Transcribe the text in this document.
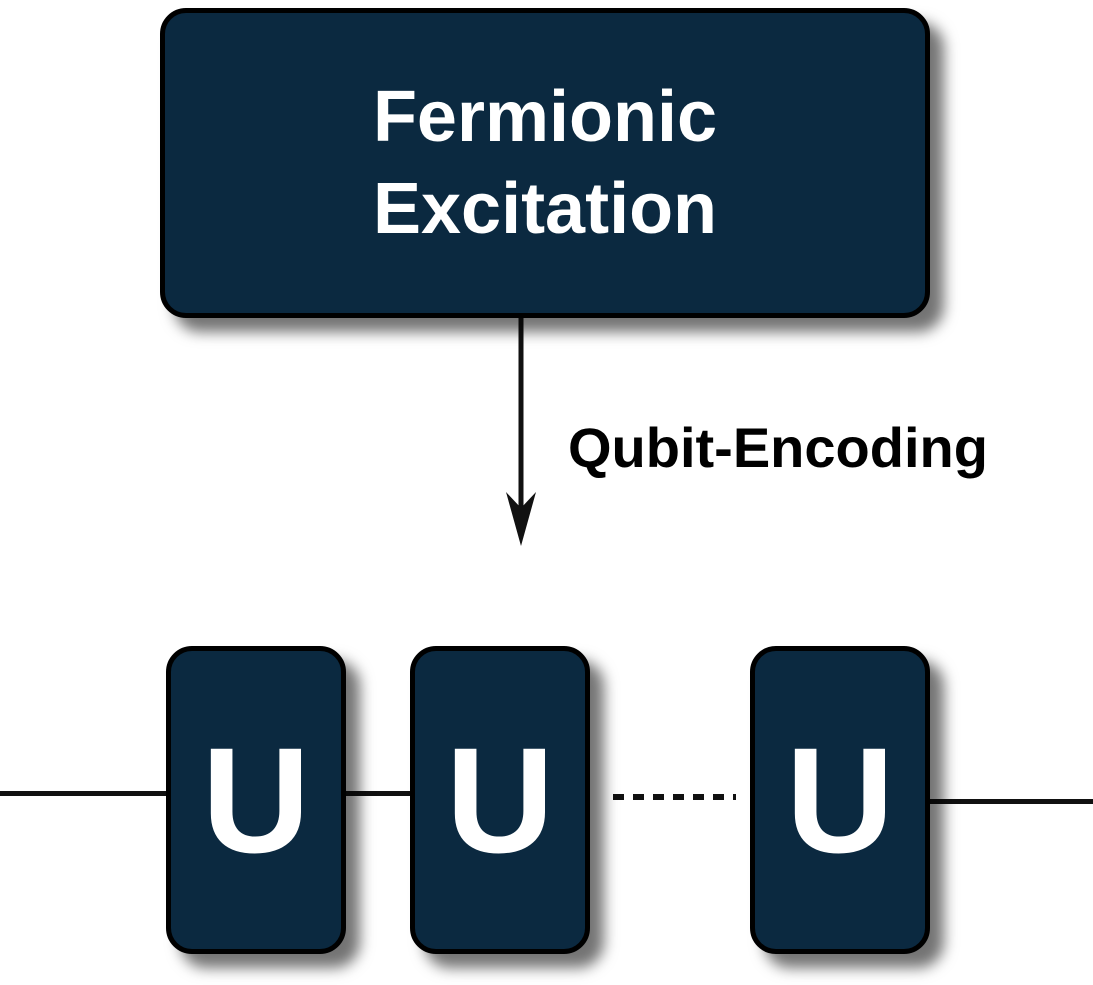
Fermionic
Excitation
Qubit-Encoding
U U U
